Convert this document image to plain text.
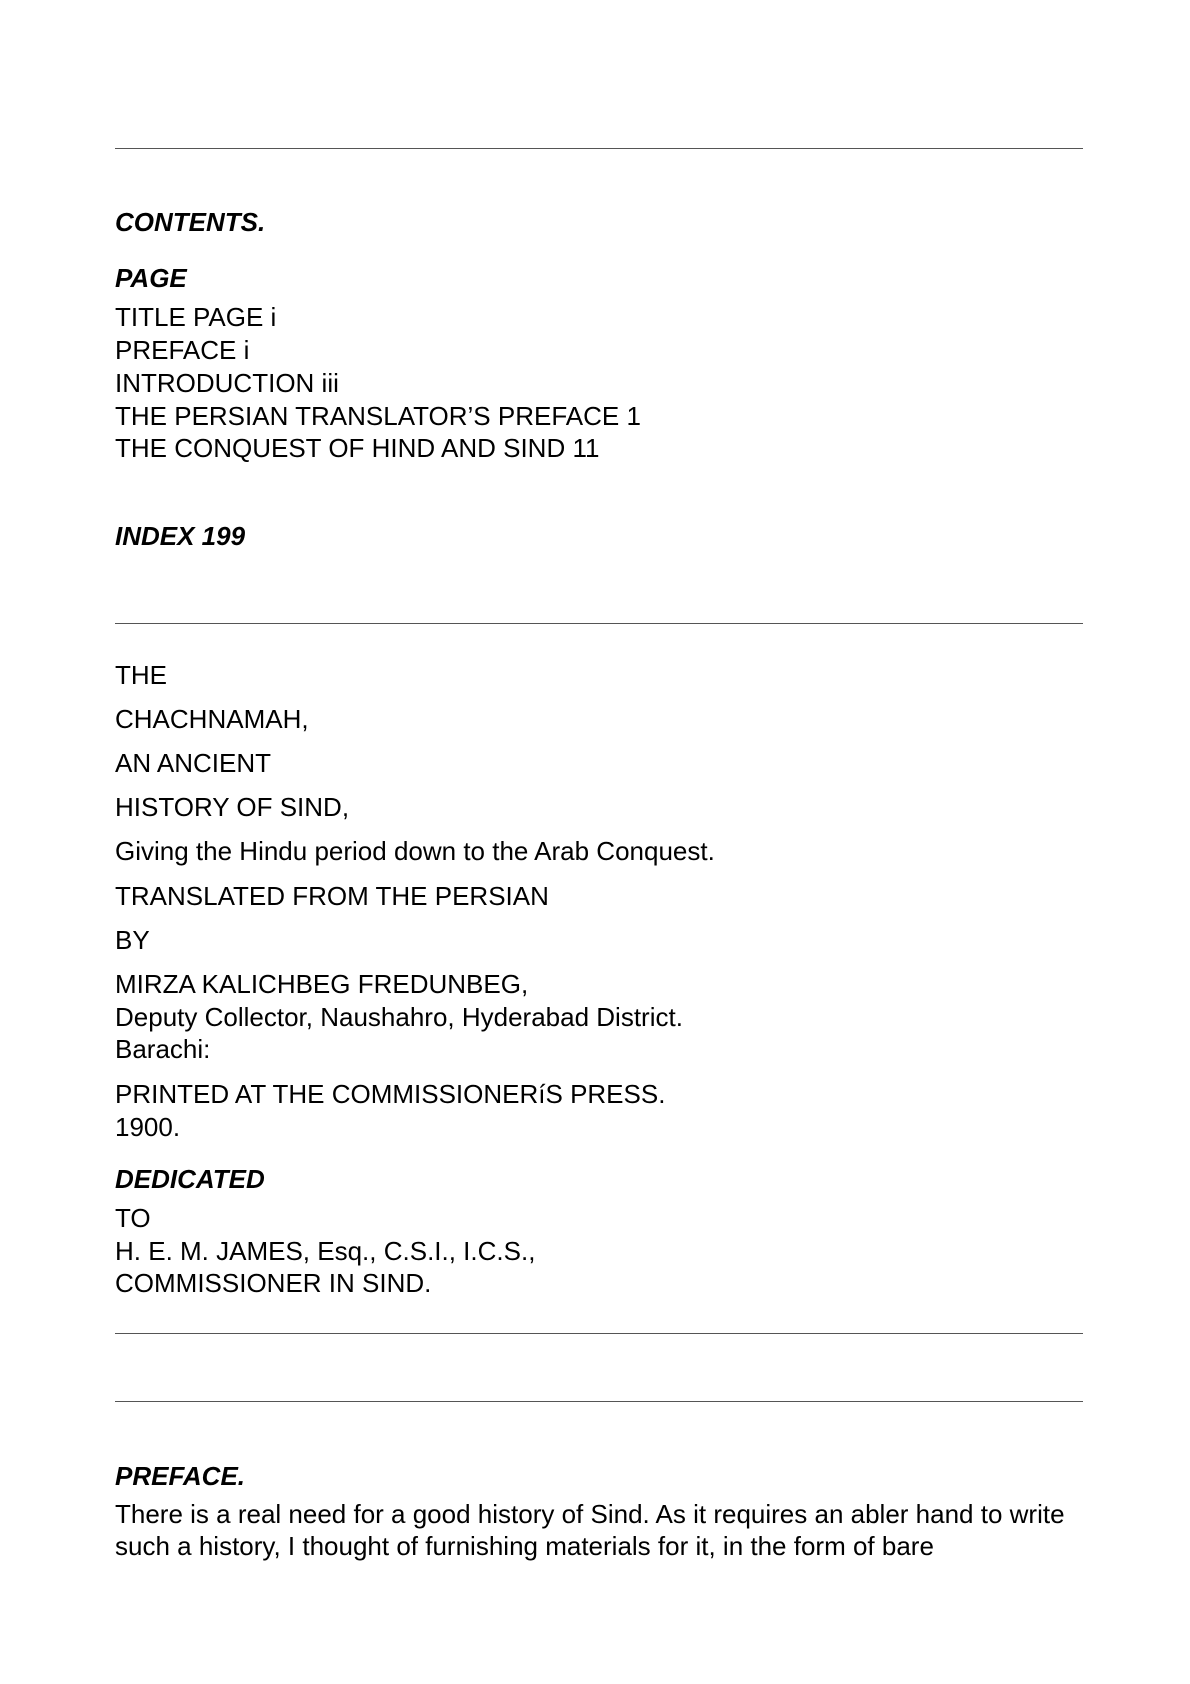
CONTENTS.
PAGE
TITLE PAGE i
PREFACE i
INTRODUCTION iii
THE PERSIAN TRANSLATOR’S PREFACE 1
THE CONQUEST OF HIND AND SIND 11
INDEX 199
THE
CHACHNAMAH,
AN ANCIENT
HISTORY OF SIND,
Giving the Hindu period down to the Arab Conquest.
TRANSLATED FROM THE PERSIAN
BY
MIRZA KALICHBEG FREDUNBEG,
Deputy Collector, Naushahro, Hyderabad District.
Barachi:
PRINTED AT THE COMMISSIONERíS PRESS.
1900.
DEDICATED
TO
H. E. M. JAMES, Esq., C.S.I., I.C.S.,
COMMISSIONER IN SIND.
PREFACE.
There is a real need for a good history of Sind. As it requires an abler hand to write such a history, I thought of furnishing materials for it, in the form of bare
